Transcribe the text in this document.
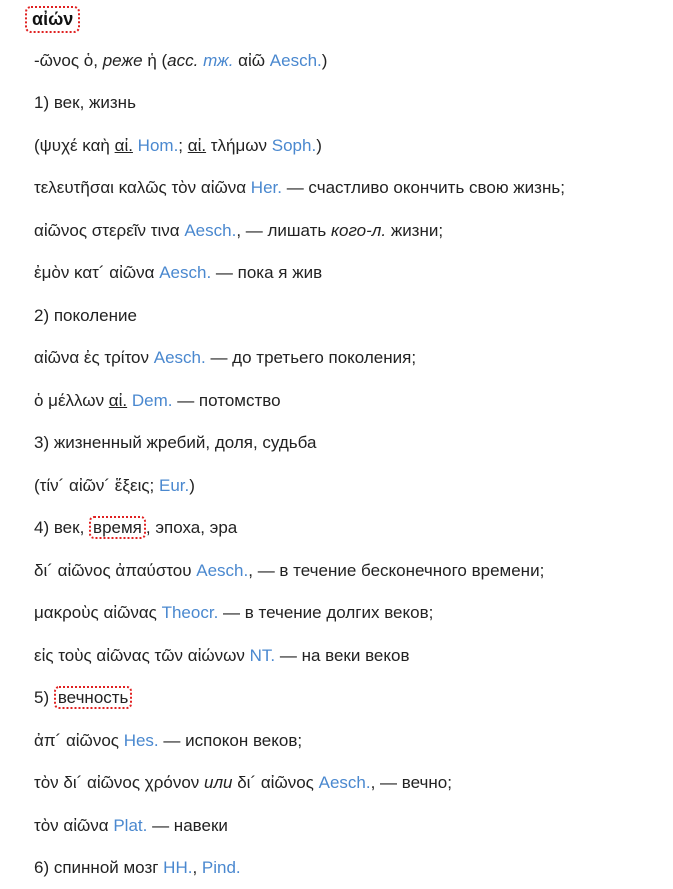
αἰών
-ῶνος ὁ, реже ἡ (acc. тж. αἰῶ Aesch.)
1) век, жизнь
(ψυχέ καὴ αἰ. Hom.; αἰ. τλήμων Soph.)
τελευτῆσαι καλῶς τὸν αἰῶνα Her. — счастливо окончить свою жизнь;
αἰῶνος στερεῖν τινα Aesch., — лишать кого-л. жизни;
ἐμὸν κατ´ αἰῶνα Aesch. — пока я жив
2) поколение
αἰῶνα ἐς τρίτον Aesch. — до третьего поколения;
ὁ μέλλων αἰ. Dem. — потомство
3) жизненный жребий, доля, судьба
(τίν´ αἰῶν´ ἕξεις; Eur.)
4) век, время , эпоха, эра
δι´ αἰῶνος ἀπαύστου Aesch., — в течение бесконечного времени;
μακροὺς αἰῶνας Theocr. — в течение долгих веков;
εἰς τοὺς αἰῶνας τῶν αἰώνων NT. — на веки веков
5) вечность
ἀπ´ αἰῶνος Hes. — испокон веков;
τὸν δι´ αἰῶνος χρόνον или δι´ αἰῶνος Aesch., — вечно;
τὸν αἰῶνα Plat. — навеки
6) спинной мозг HH., Pind.
